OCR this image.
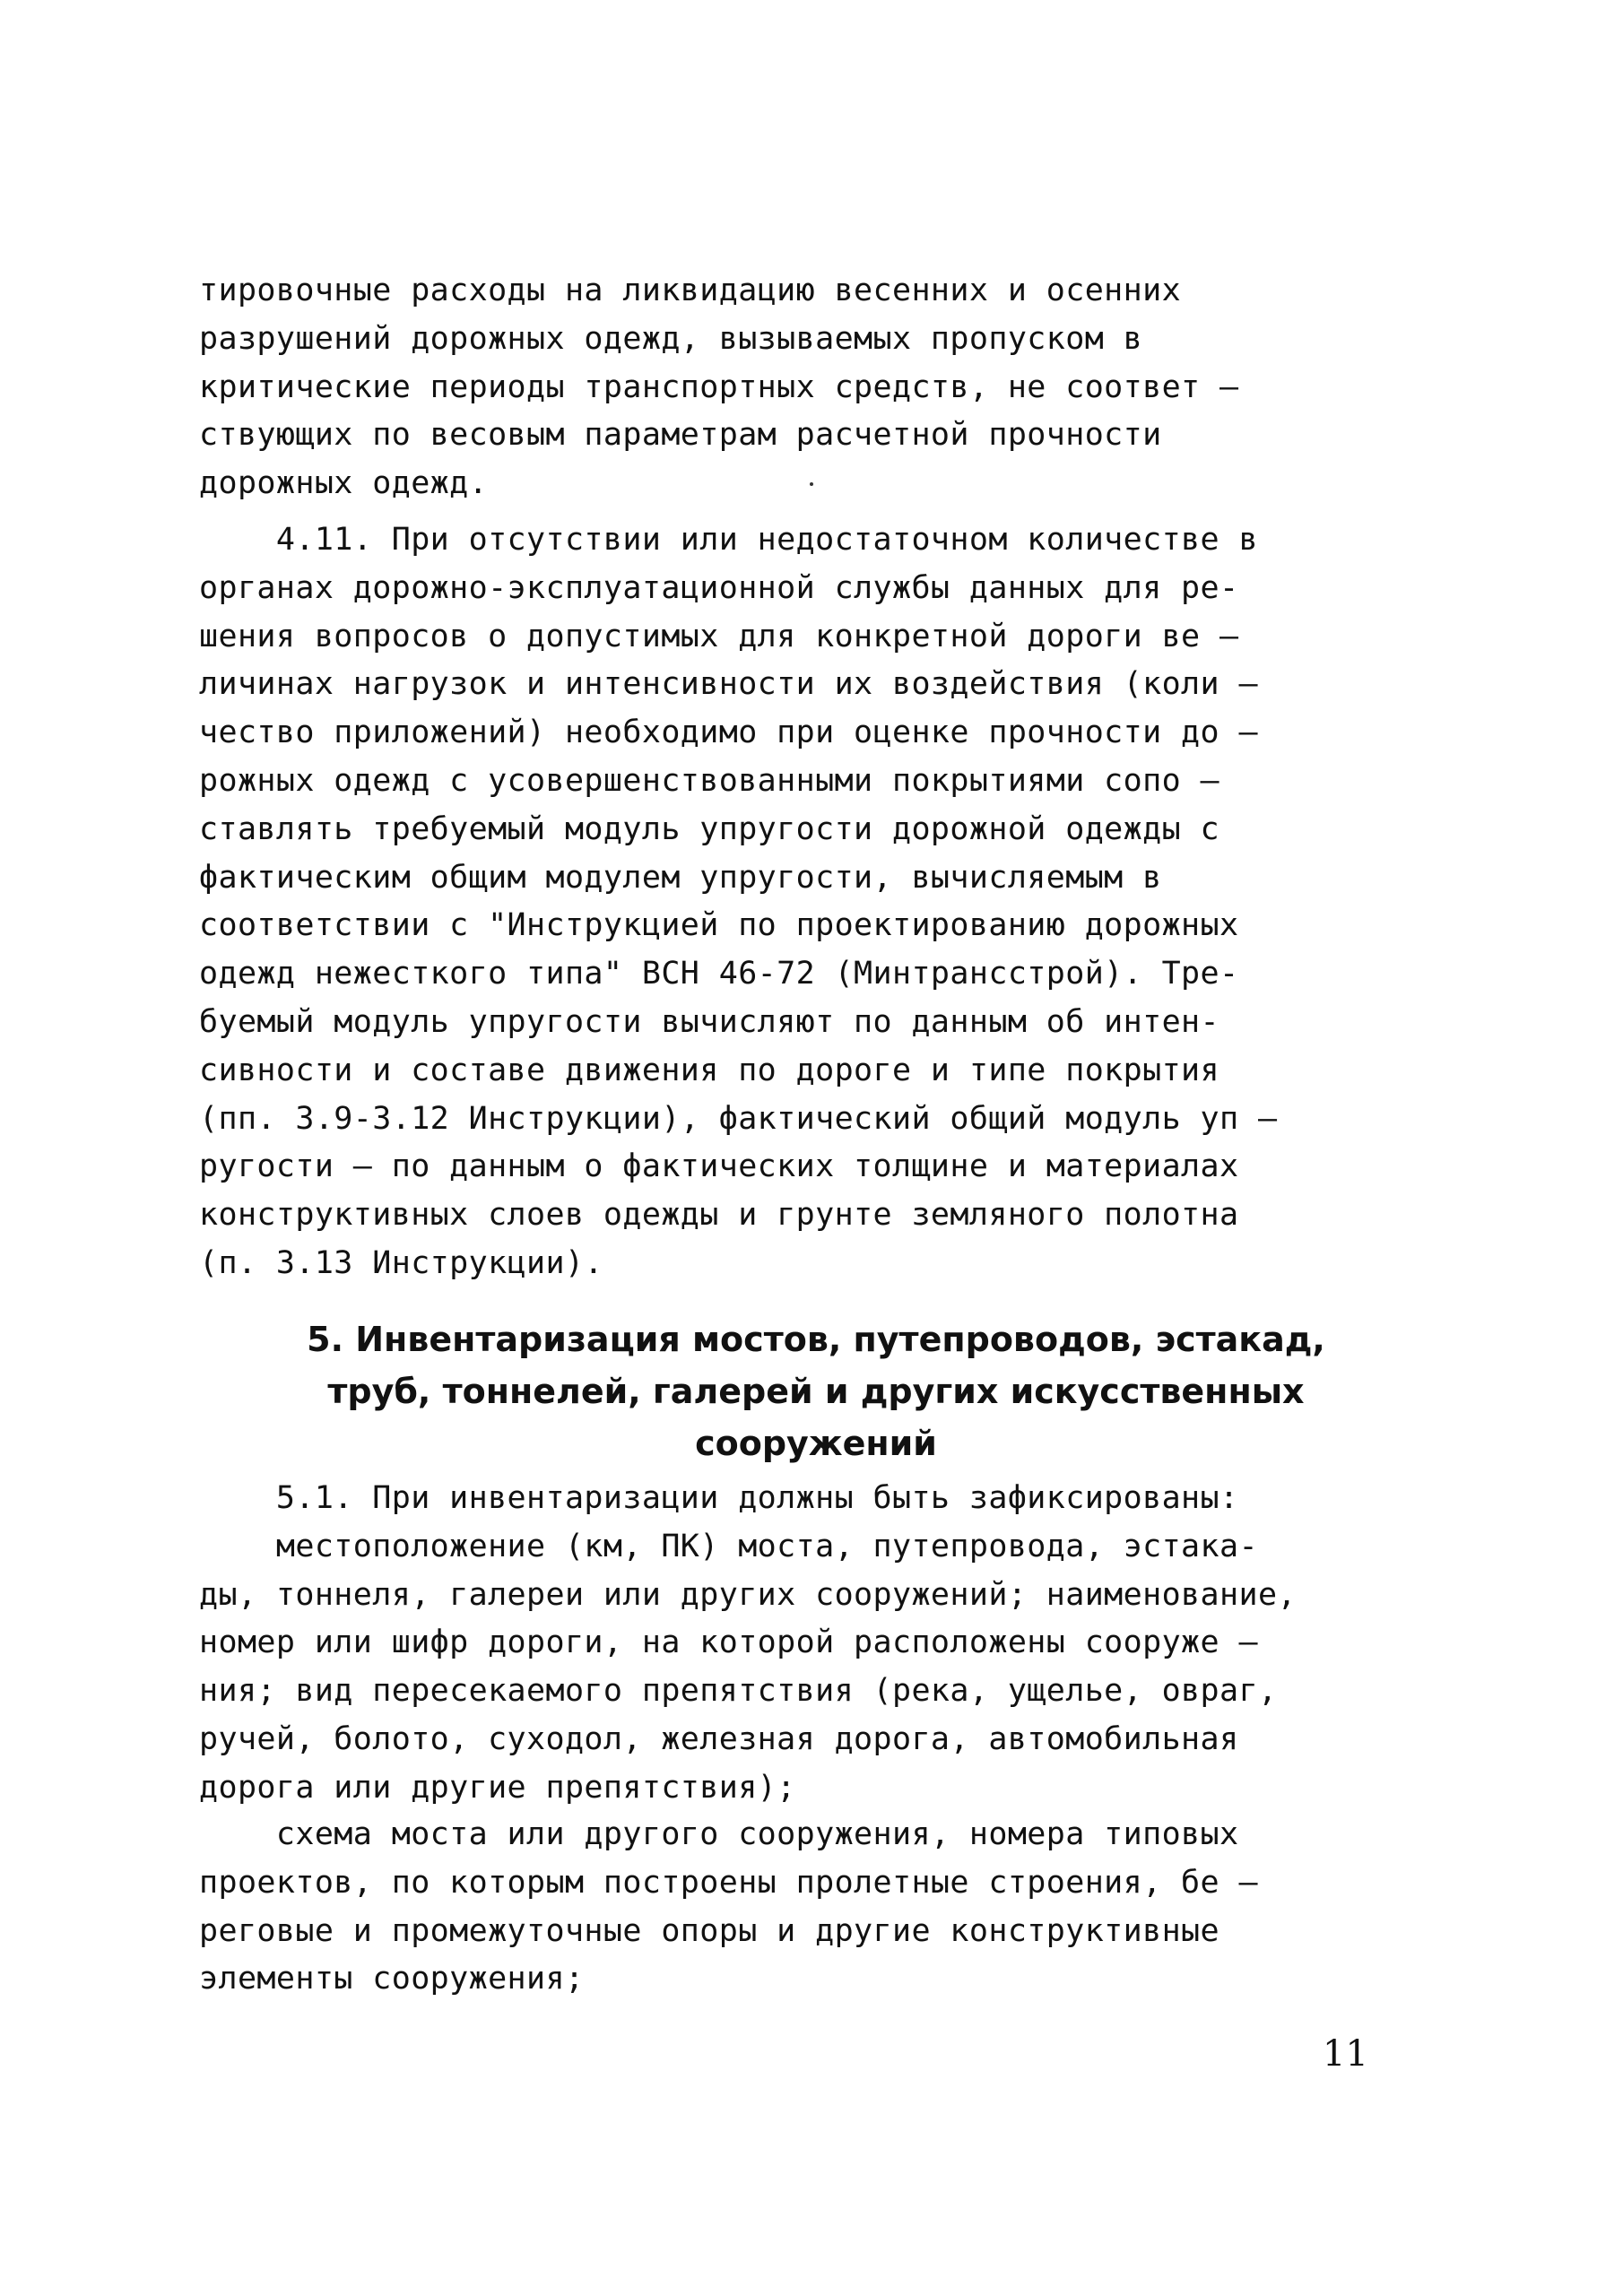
тировочные расходы на ликвидацию весенних и осенних
разрушений дорожных одежд, вызываемых пропуском в
критические периоды транспортных средств, не соответ –
ствующих по весовым параметрам расчетной прочности
дорожных одежд.
4.11. При отсутствии или недостаточном количестве в
органах дорожно-эксплуатационной службы данных для ре-
шения вопросов о допустимых для конкретной дороги ве –
личинах нагрузок и интенсивности их воздействия (коли –
чество приложений) необходимо при оценке прочности до –
рожных одежд с усовершенствованными покрытиями сопо –
ставлять требуемый модуль упругости дорожной одежды с
фактическим общим модулем упругости, вычисляемым в
соответствии с "Инструкцией по проектированию дорожных
одежд нежесткого типа" ВСН 46-72 (Минтрансстрой). Тре-
буемый модуль упругости вычисляют по данным об интен-
сивности и составе движения по дороге и типе покрытия
(пп. 3.9-3.12 Инструкции), фактический общий модуль уп –
ругости – по данным о фактических толщине и материалах
конструктивных слоев одежды и грунте земляного полотна
(п. 3.13 Инструкции).
5. Инвентаризация мостов, путепроводов, эстакад,
труб, тоннелей, галерей и других искусственных
сооружений
5.1. При инвентаризации должны быть зафиксированы:
местоположение (км, ПК) моста, путепровода, эстака-
ды, тоннеля, галереи или других сооружений; наименование,
номер или шифр дороги, на которой расположены сооруже –
ния; вид пересекаемого препятствия (река, ущелье, овраг,
ручей, болото, суходол, железная дорога, автомобильная
дорога или другие препятствия);
схема моста или другого сооружения, номера типовых
проектов, по которым построены пролетные строения, бе –
реговые и промежуточные опоры и другие конструктивные
элементы сооружения;
11
